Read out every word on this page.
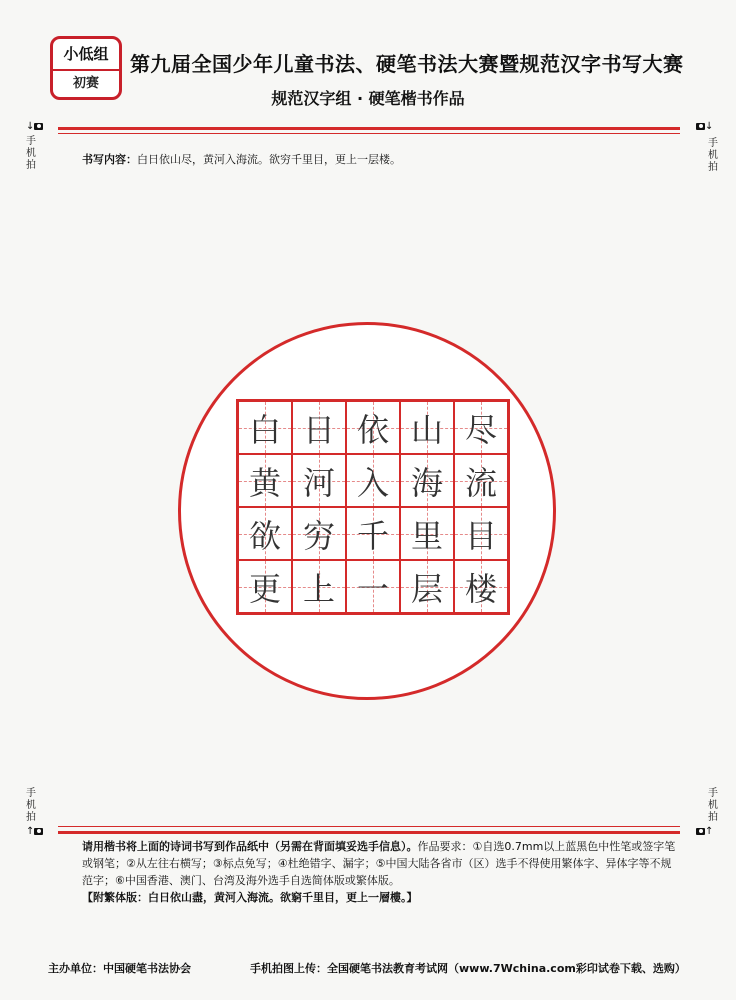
小低组
初赛
第九届全国少年儿童书法、硬笔书法大赛暨规范汉字书写大赛
规范汉字组 · 硬笔楷书作品
↓
手机拍
↓
手机拍
书写内容：白日依山尽，黄河入海流。欲穷千里目，更上一层楼。
白 日 依 山 尽
黄 河 入 海 流
欲 穷 千 里 目
更 上 一 层 楼
手机拍
↑
手机拍
↑
请用楷书将上面的诗词书写到作品纸中（另需在背面填妥选手信息）。作品要求：①自选0.7mm以上蓝黑色中性笔或签字笔或钢笔；②从左往右横写；③标点免写；④杜绝错字、漏字；⑤中国大陆各省市（区）选手不得使用繁体字、异体字等不规范字；⑥中国香港、澳门、台湾及海外选手自选简体版或繁体版。
【附繁体版：白日依山盡，黄河入海流。欲窮千里目，更上一層樓。】
主办单位：中国硬笔书法协会	手机拍图上传：全国硬笔书法教育考试网（www.7Wchina.com彩印试卷下载、选购）
